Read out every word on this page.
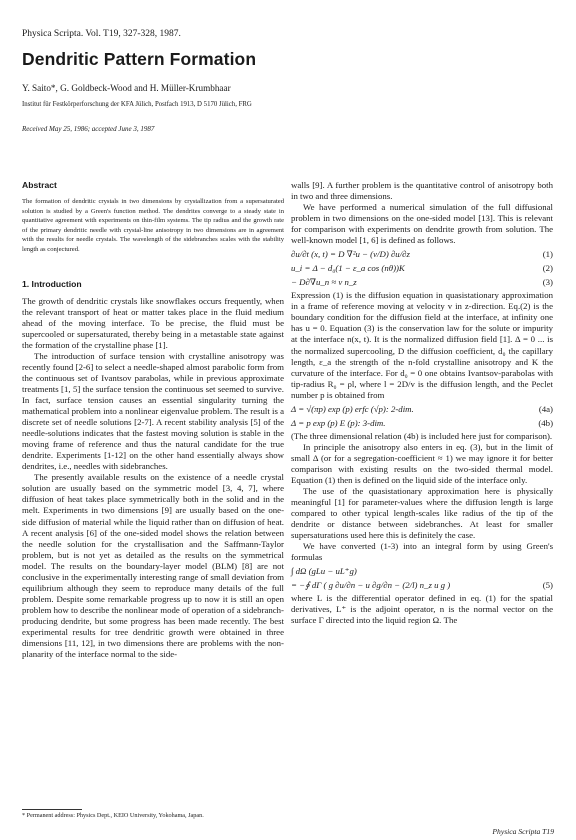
Physica Scripta. Vol. T19, 327-328, 1987.
Dendritic Pattern Formation
Y. Saito*, G. Goldbeck-Wood and H. Müller-Krumbhaar
Institut für Festkörperforschung der KFA Jülich, Postfach 1913, D 5170 Jülich, FRG
Received May 25, 1986; accepted June 3, 1987
Abstract

The formation of dendritic crystals in two dimensions by crystallization from a supersaturated solution is studied by a Green's function method. The dendrites converge to a steady state in quantitative agreement with experiments on thin-film systems. The tip radius and the growth rate of the primary dendritic needle with crystal-line anisotropy in two dimensions are in agreement with the results for needle crystals. The wavelength of the sidebranches scales with the stability length as conjectured.

1. Introduction

The growth of dendritic crystals like snowflakes occurs frequently, when the relevant transport of heat or matter takes place in the fluid medium ahead of the moving interface. To be precise, the fluid must be supercooled or supersaturated, thereby being in a metastable state against the formation of the crystalline phase [1].

The introduction of surface tension with crystalline anisotropy was recently found [2-6] to select a needle-shaped almost parabolic form from the continuous set of Ivantsov parabolas, while in previous approximate treatments [1, 5] the surface tension the continuous set seemed to survive. In fact, surface tension causes an essential singularity turning the mathematical problem into a nonlinear eigenvalue problem. The result is a discrete set of needle solutions [2-7]. A recent stability analysis [5] of the needle-solutions indicates that the fastest moving solution is stable in the moving frame of reference and thus the natural candidate for the true dendrite. Experiments [1-12] on the other hand essentially always show dendrites, i.e., needles with sidebranches.

The presently available results on the existence of a needle crystal solution are usually based on the symmetric model [3, 4, 7], where diffusion of heat takes place symmetrically both in the solid and in the melt. Experiments in two dimensions [9] are usually based on the one-side diffusion of material while the liquid rather than on diffusion of heat. A recent analysis [6] of the one-sided model shows the relation between the needle solution for the crystallisation and the Saffmann-Taylor problem, but is not yet as detailed as the results on the symmetrical model. The results on the boundary-layer model (BLM) [8] are not conclusive in the experimentally interesting range of small deviation from equilibrium although they seem to reproduce many details of the full problem. Despite some remarkable progress up to now it is still an open problem how to describe the nonlinear mode of operation of a sidebranch-producing dendrite, but some progress has been made recently. The best experimental results for tree dendritic growth were obtained in three dimensions [11, 12], in two dimensions there are problems with the non-planarity of the interface normal to the side-

walls [9]. A further problem is the quantitative control of anisotropy both in two and three dimensions.

We have performed a numerical simulation of the full diffusional problem in two dimensions on the one-sided model [13]. This is relevant for comparison with experiments on dendrite growth from solution. The well-known model [1, 6] is defined as follows.

∂u/∂t (x, t) = D ∇²u − (v/D) ∂u/∂z	(1)
u_i = Δ − d₀(1 − ε_a cos (nθ))K	(2)
− D∂∇u_n ≈ v n_z	(3)

Expression (1) is the diffusion equation in quasistationary approximation in a frame of reference moving at velocity v in z-direction. Eq.(2) is the boundary condition for the diffusion field at the interface, at infinity one has u = 0. Equation (3) is the conservation law for the solute or impurity at the interface n(x, t). It is the normalized diffusion field [1]. Δ = 0 ... is the normalized supercooling, D the diffusion coefficient, d₀ the capillary length, ε_a the strength of the n-fold crystalline anisotropy and K the curvature of the interface. For d₀ = 0 one obtains Ivantsov-parabolas with tip-radius R₀ = ρl, where l = 2D/v is the diffusion length, and the Peclet number p is obtained from

Δ = √(πp) exp (p) erfc (√p): 2-dim.	(4a)
Δ = p exp (p) E (p): 3-dim.	(4b)

(The three dimensional relation (4b) is included here just for comparison).

In principle the anisotropy also enters in eq. (3), but in the limit of small Δ (or for a segregation-coefficient ≈ 1) we may ignore it for better comparison with existing results on the two-sided thermal model. Equation (1) then is defined on the liquid side of the interface only.

The use of the quasistationary approximation here is physically meaningful [1] for parameter-values where the diffusion length is large compared to other typical length-scales like radius of the tip of the dendrite or distance between sidebranches. At least for smaller supersaturations used here this is definitely the case.

We have converted (1-3) into an integral form by using Green's formulas

∫ dΩ (gLu − uL⁺g)
= −∮ dΓ ( g ∂u/∂n − u ∂g/∂n − (2/l) n_z u g )	(5)

where L is the differential operator defined in eq. (1) for the spatial derivatives, L⁺ is the adjoint operator, n is the normal vector on the surface Γ directed into the liquid region Ω. The

* Permanent address: Physics Dept., KEIO University, Yokohama, Japan.
Physica Scripta T19
